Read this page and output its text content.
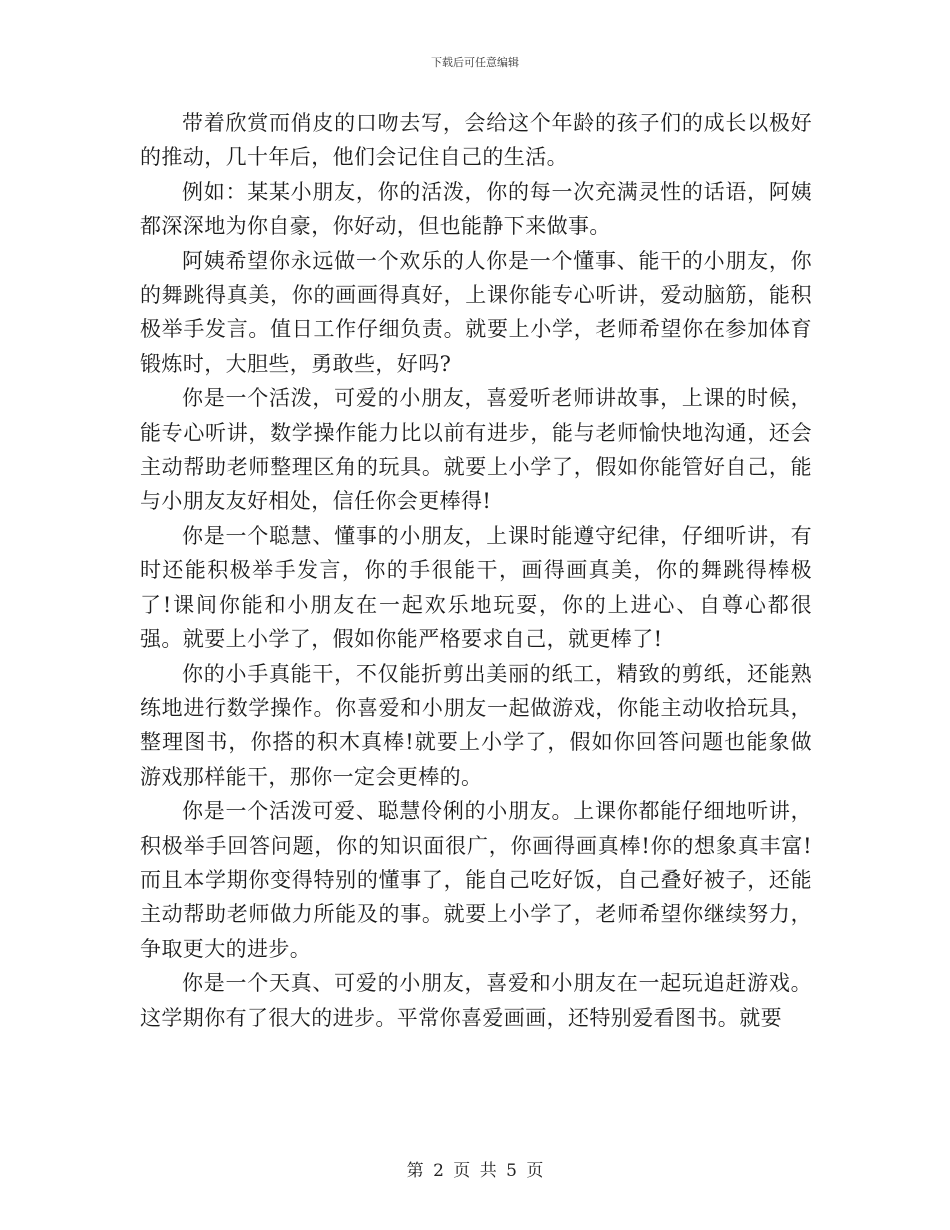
下载后可任意编辑

带着欣赏而俏皮的口吻去写，会给这个年龄的孩子们的成长以极好的推动，几十年后，他们会记住自己的生活。

例如：某某小朋友，你的活泼，你的每一次充满灵性的话语，阿姨都深深地为你自豪，你好动，但也能静下来做事。

阿姨希望你永远做一个欢乐的人你是一个懂事、能干的小朋友，你的舞跳得真美，你的画画得真好，上课你能专心听讲，爱动脑筋，能积极举手发言。值日工作仔细负责。就要上小学，老师希望你在参加体育锻炼时，大胆些，勇敢些，好吗?

你是一个活泼，可爱的小朋友，喜爱听老师讲故事，上课的时候，能专心听讲，数学操作能力比以前有进步，能与老师愉快地沟通，还会主动帮助老师整理区角的玩具。就要上小学了，假如你能管好自己，能与小朋友友好相处，信任你会更棒得!

你是一个聪慧、懂事的小朋友，上课时能遵守纪律，仔细听讲，有时还能积极举手发言，你的手很能干，画得画真美，你的舞跳得棒极了!课间你能和小朋友在一起欢乐地玩耍，你的上进心、自尊心都很强。就要上小学了，假如你能严格要求自己，就更棒了!

你的小手真能干，不仅能折剪出美丽的纸工，精致的剪纸，还能熟练地进行数学操作。你喜爱和小朋友一起做游戏，你能主动收拾玩具，整理图书，你搭的积木真棒!就要上小学了，假如你回答问题也能象做游戏那样能干，那你一定会更棒的。

你是一个活泼可爱、聪慧伶俐的小朋友。上课你都能仔细地听讲，积极举手回答问题，你的知识面很广，你画得画真棒!你的想象真丰富!而且本学期你变得特别的懂事了，能自己吃好饭，自己叠好被子，还能主动帮助老师做力所能及的事。就要上小学了，老师希望你继续努力，争取更大的进步。

你是一个天真、可爱的小朋友，喜爱和小朋友在一起玩追赶游戏。这学期你有了很大的进步。平常你喜爱画画，还特别爱看图书。就要

第 2 页 共 5 页
